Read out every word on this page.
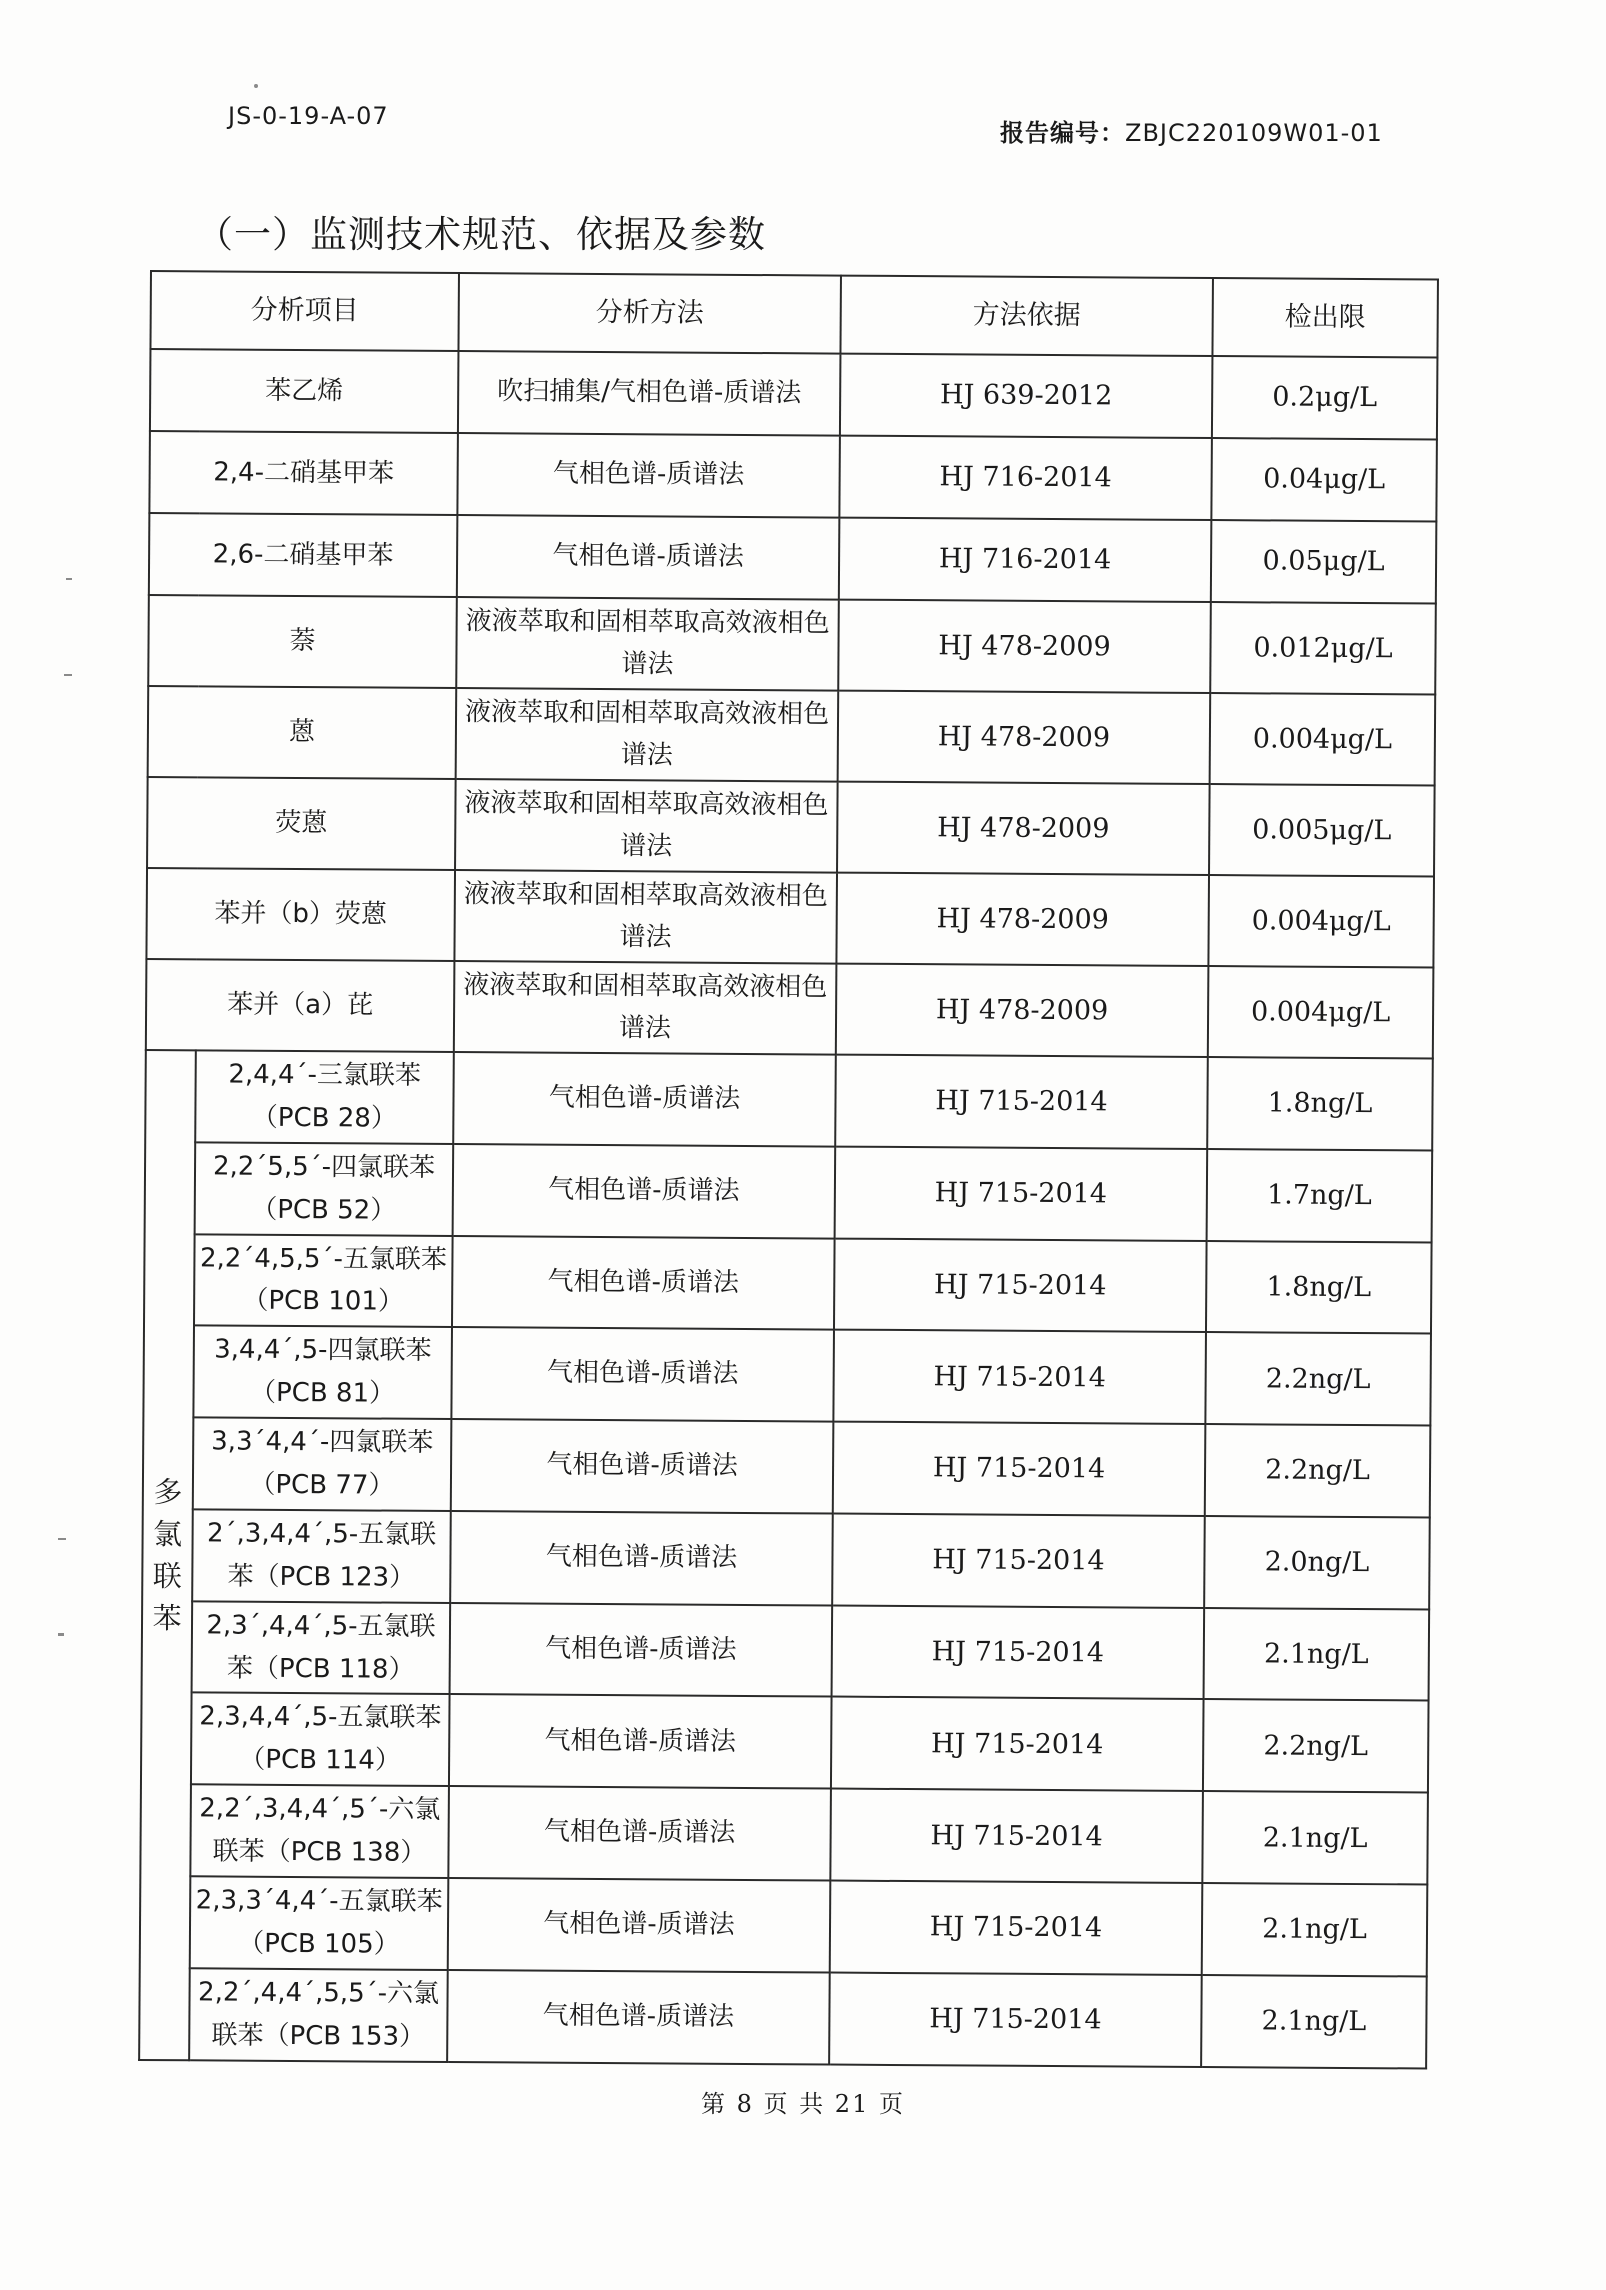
JS-0-19-A-07
报告编号：ZBJC220109W01-01
（一）监测技术规范、依据及参数
分析项目		分析方法	方法依据	检出限
苯乙烯		吹扫捕集/气相色谱-质谱法	HJ 639-2012	0.2μg/L
2,4-二硝基甲苯		气相色谱-质谱法	HJ 716-2014	0.04μg/L
2,6-二硝基甲苯		气相色谱-质谱法	HJ 716-2014	0.05μg/L
萘		液液萃取和固相萃取高效液相色谱法	HJ 478-2009	0.012μg/L
蒽		液液萃取和固相萃取高效液相色谱法	HJ 478-2009	0.004μg/L
荧蒽		液液萃取和固相萃取高效液相色谱法	HJ 478-2009	0.005μg/L
苯并（b）荧蒽		液液萃取和固相萃取高效液相色谱法	HJ 478-2009	0.004μg/L
苯并（a）芘		液液萃取和固相萃取高效液相色谱法	HJ 478-2009	0.004μg/L
多氯联苯	2,4,4´-三氯联苯（PCB 28）	气相色谱-质谱法	HJ 715-2014	1.8ng/L
	2,2´5,5´-四氯联苯（PCB 52）	气相色谱-质谱法	HJ 715-2014	1.7ng/L
	2,2´4,5,5´-五氯联苯（PCB 101）	气相色谱-质谱法	HJ 715-2014	1.8ng/L
	3,4,4´,5-四氯联苯（PCB 81）	气相色谱-质谱法	HJ 715-2014	2.2ng/L
	3,3´4,4´-四氯联苯（PCB 77）	气相色谱-质谱法	HJ 715-2014	2.2ng/L
	2´,3,4,4´,5-五氯联苯（PCB 123）	气相色谱-质谱法	HJ 715-2014	2.0ng/L
	2,3´,4,4´,5-五氯联苯（PCB 118）	气相色谱-质谱法	HJ 715-2014	2.1ng/L
	2,3,4,4´,5-五氯联苯（PCB 114）	气相色谱-质谱法	HJ 715-2014	2.2ng/L
	2,2´,3,4,4´,5´-六氯联苯（PCB 138）	气相色谱-质谱法	HJ 715-2014	2.1ng/L
	2,3,3´4,4´-五氯联苯（PCB 105）	气相色谱-质谱法	HJ 715-2014	2.1ng/L
	2,2´,4,4´,5,5´-六氯联苯（PCB 153）	气相色谱-质谱法	HJ 715-2014	2.1ng/L
第 8 页 共 21 页
